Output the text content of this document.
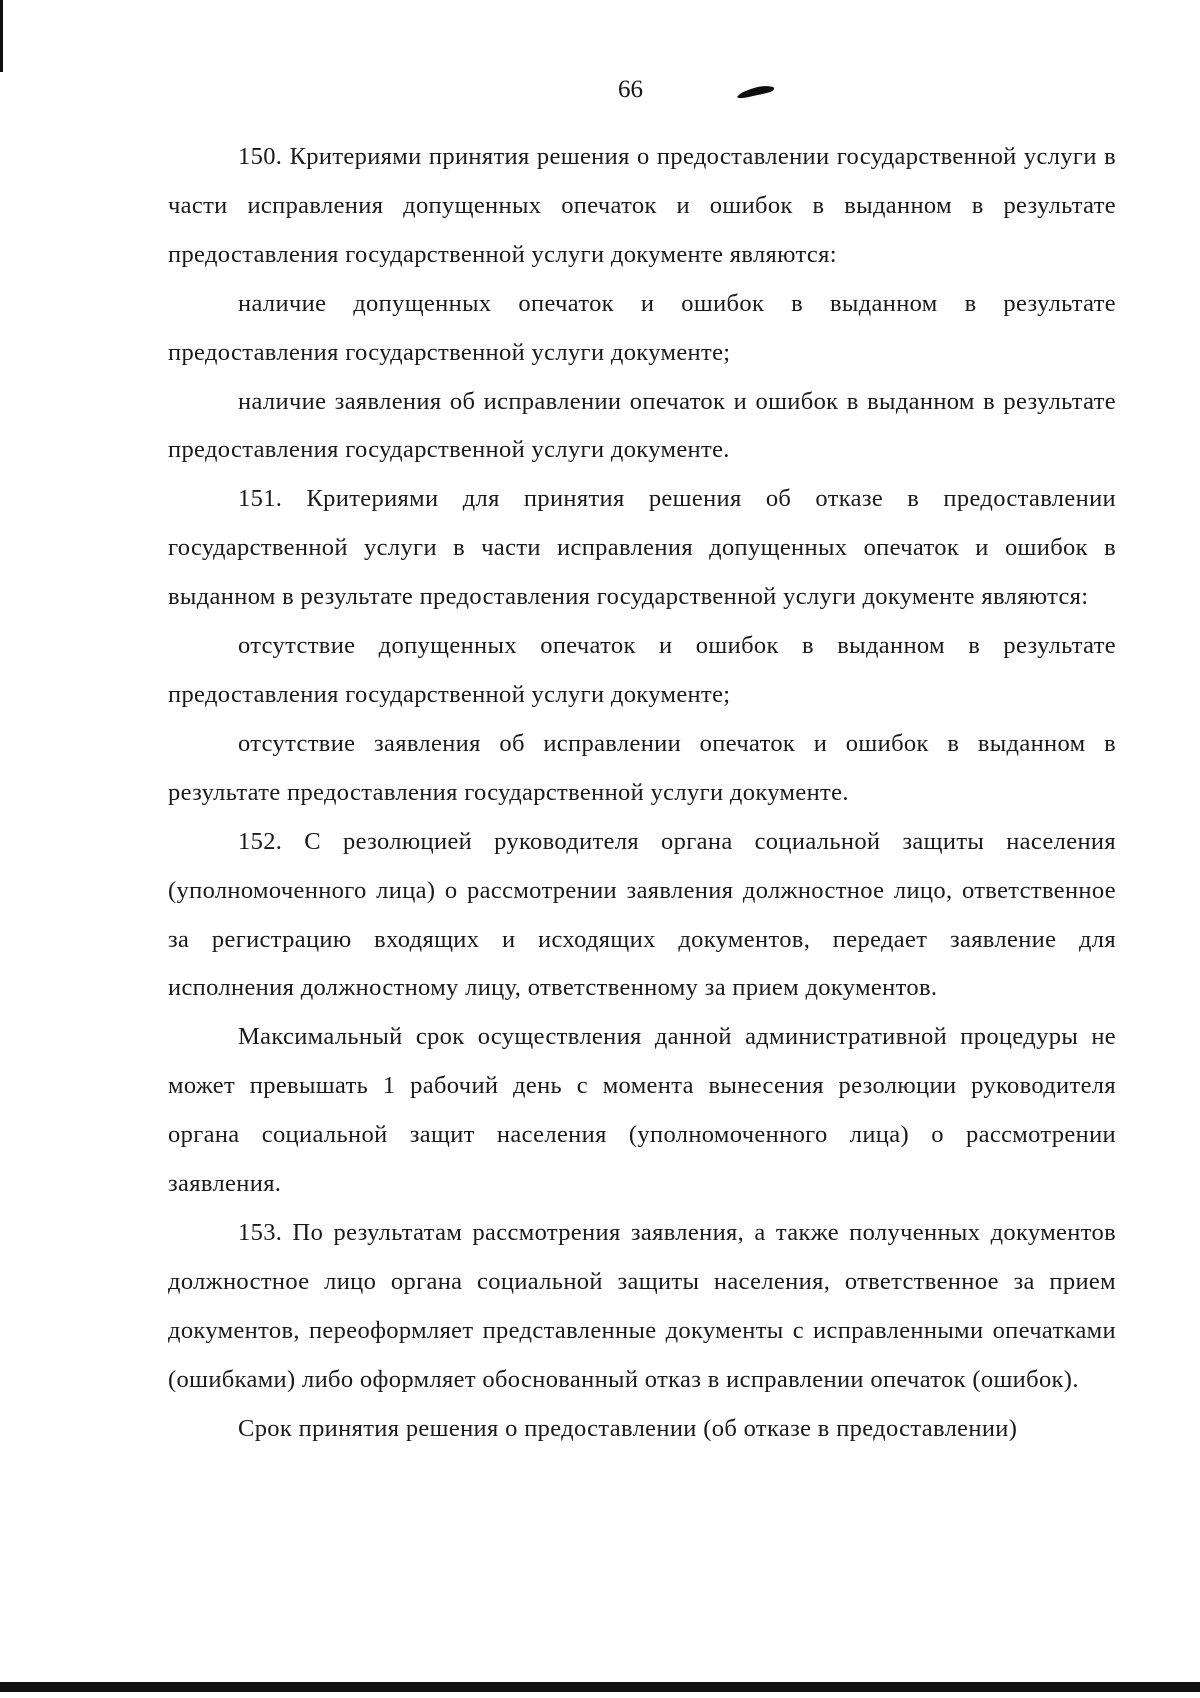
66

150. Критериями принятия решения о предоставлении государственной услуги в части исправления допущенных опечаток и ошибок в выданном в результате предоставления государственной услуги документе являются:

наличие допущенных опечаток и ошибок в выданном в результате предоставления государственной услуги документе;

наличие заявления об исправлении опечаток и ошибок в выданном в результате предоставления государственной услуги документе.

151. Критериями для принятия решения об отказе в предоставлении государственной услуги в части исправления допущенных опечаток и ошибок в выданном в результате предоставления государственной услуги документе являются:

отсутствие допущенных опечаток и ошибок в выданном в результате предоставления государственной услуги документе;

отсутствие заявления об исправлении опечаток и ошибок в выданном в результате предоставления государственной услуги документе.

152. С резолюцией руководителя органа социальной защиты населения (уполномоченного лица) о рассмотрении заявления должностное лицо, ответственное за регистрацию входящих и исходящих документов, передает заявление для исполнения должностному лицу, ответственному за прием документов.

Максимальный срок осуществления данной административной процедуры не может превышать 1 рабочий день с момента вынесения резолюции руководителя органа социальной защит населения (уполномоченного лица) о рассмотрении заявления.

153. По результатам рассмотрения заявления, а также полученных документов должностное лицо органа социальной защиты населения, ответственное за прием документов, переоформляет представленные документы с исправленными опечатками (ошибками) либо оформляет обоснованный отказ в исправлении опечаток (ошибок).

Срок принятия решения о предоставлении (об отказе в предоставлении)
